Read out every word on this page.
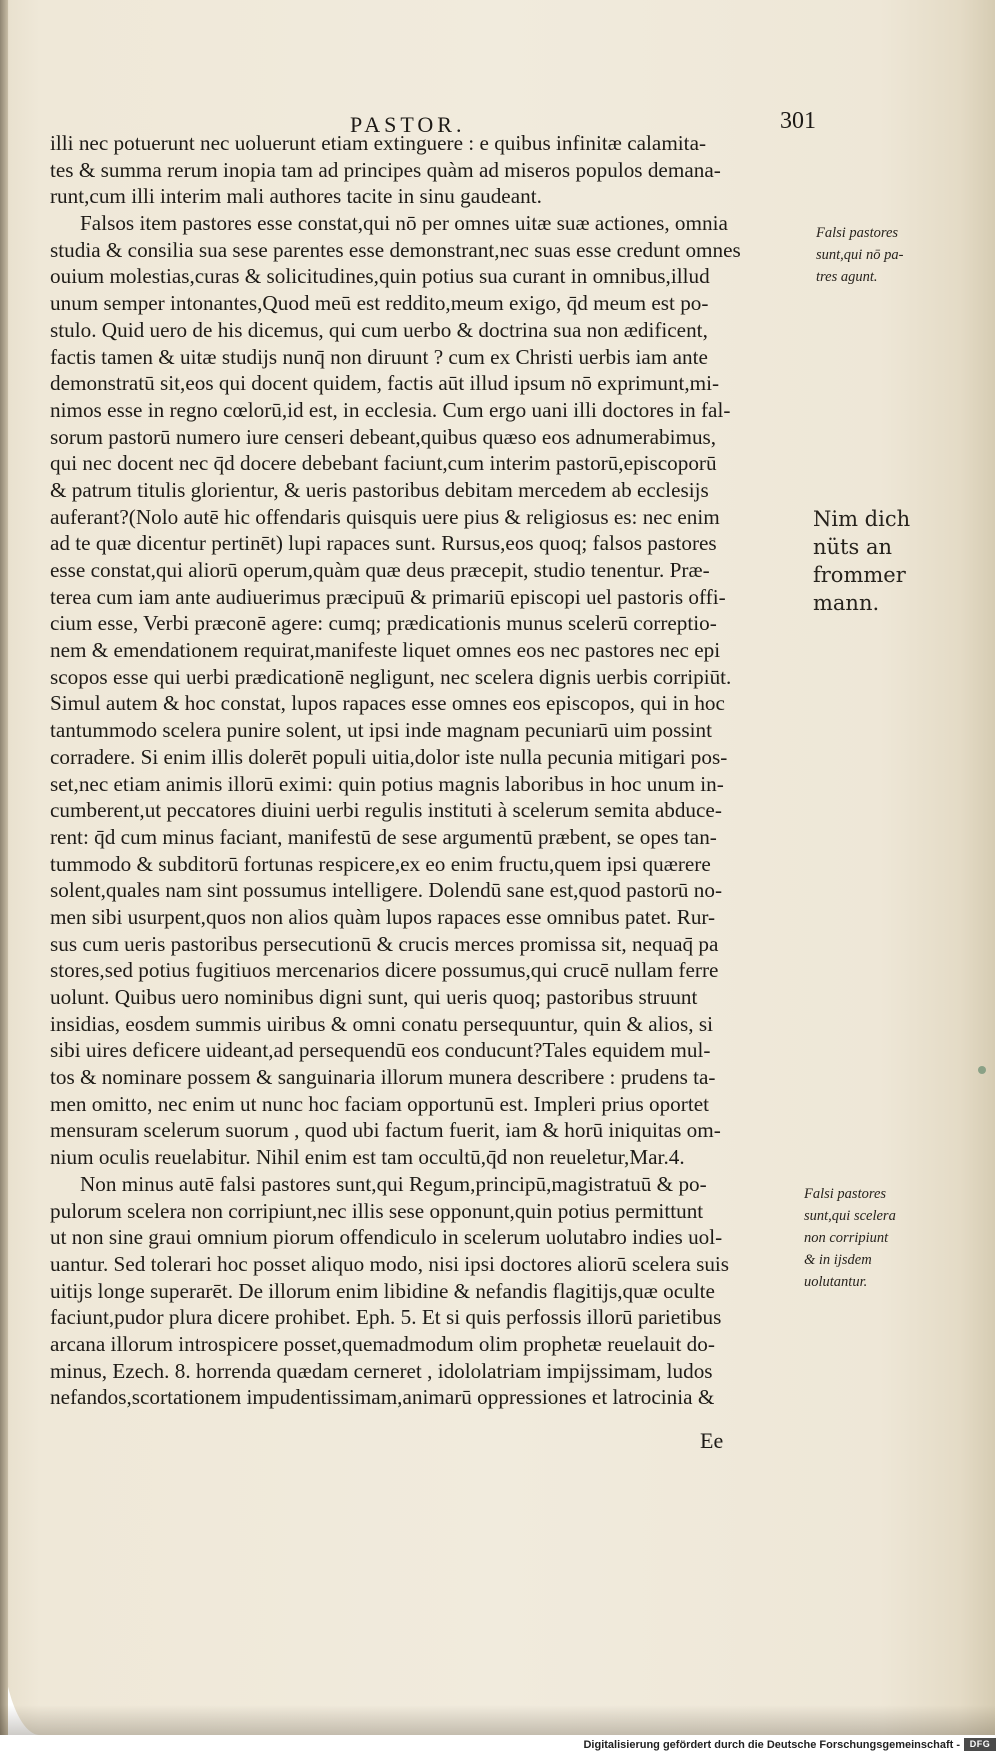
PASTOR.	301
illi nec potuerunt nec uoluerunt etiam extinguere : e quibus infinitæ calamita-
tes & summa rerum inopia tam ad principes quàm ad miseros populos demana-
runt,cum illi interim mali authores tacite in sinu gaudeant.
Falsos item pastores esse constat,qui nō per omnes uitæ suæ actiones, omnia
studia & consilia sua sese parentes esse demonstrant,nec suas esse credunt omnes
ouium molestias,curas & solicitudines,quin potius sua curant in omnibus,illud
unum semper intonantes,Quod meū est reddito,meum exigo, q̄d meum est po-
stulo. Quid uero de his dicemus, qui cum uerbo & doctrina sua non ædificent,
factis tamen & uitæ studijs nunq̄ non diruunt ? cum ex Christi uerbis iam ante
demonstratū sit,eos qui docent quidem, factis aūt illud ipsum nō exprimunt,mi-
nimos esse in regno cœlorū,id est, in ecclesia. Cum ergo uani illi doctores in fal-
sorum pastorū numero iure censeri debeant,quibus quæso eos adnumerabimus,
qui nec docent nec q̄d docere debebant faciunt,cum interim pastorū,episcoporū
& patrum titulis glorientur, & ueris pastoribus debitam mercedem ab ecclesijs
auferant?(Nolo autē hic offendaris quisquis uere pius & religiosus es: nec enim
ad te quæ dicentur pertinēt) lupi rapaces sunt. Rursus,eos quoq; falsos pastores
esse constat,qui aliorū operum,quàm quæ deus præcepit, studio tenentur. Præ-
terea cum iam ante audiuerimus præcipuū & primariū episcopi uel pastoris offi-
cium esse, Verbi præconē agere: cumq; prædicationis munus scelerū correptio-
nem & emendationem requirat,manifeste liquet omnes eos nec pastores nec epi
scopos esse qui uerbi prædicationē negligunt, nec scelera dignis uerbis corripiūt.
Simul autem & hoc constat, lupos rapaces esse omnes eos episcopos, qui in hoc
tantummodo scelera punire solent, ut ipsi inde magnam pecuniarū uim possint
corradere. Si enim illis dolerēt populi uitia,dolor iste nulla pecunia mitigari pos-
set,nec etiam animis illorū eximi: quin potius magnis laboribus in hoc unum in-
cumberent,ut peccatores diuini uerbi regulis instituti à scelerum semita abduce-
rent: q̄d cum minus faciant, manifestū de sese argumentū præbent, se opes tan-
tummodo & subditorū fortunas respicere,ex eo enim fructu,quem ipsi quærere
solent,quales nam sint possumus intelligere. Dolendū sane est,quod pastorū no-
men sibi usurpent,quos non alios quàm lupos rapaces esse omnibus patet. Rur-
sus cum ueris pastoribus persecutionū & crucis merces promissa sit, nequaq̄ pa
stores,sed potius fugitiuos mercenarios dicere possumus,qui crucē nullam ferre
uolunt. Quibus uero nominibus digni sunt, qui ueris quoq; pastoribus struunt
insidias, eosdem summis uiribus & omni conatu persequuntur, quin & alios, si
sibi uires deficere uideant,ad persequendū eos conducunt?Tales equidem mul-
tos & nominare possem & sanguinaria illorum munera describere : prudens ta-
men omitto, nec enim ut nunc hoc faciam opportunū est. Impleri prius oportet
mensuram scelerum suorum , quod ubi factum fuerit, iam & horū iniquitas om-
nium oculis reuelabitur. Nihil enim est tam occultū,q̄d non reueletur,Mar.4.
Non minus autē falsi pastores sunt,qui Regum,principū,magistratuū & po-
pulorum scelera non corripiunt,nec illis sese opponunt,quin potius permittunt
ut non sine graui omnium piorum offendiculo in scelerum uolutabro indies uol-
uantur. Sed tolerari hoc posset aliquo modo, nisi ipsi doctores aliorū scelera suis
uitijs longe superarēt. De illorum enim libidine & nefandis flagitijs,quæ oculte
faciunt,pudor plura dicere prohibet. Eph. 5. Et si quis perfossis illorū parietibus
arcana illorum introspicere posset,quemadmodum olim prophetæ reuelauit do-
minus, Ezech. 8. horrenda quædam cerneret , idololatriam impijssimam, ludos
nefandos,scortationem impudentissimam,animarū oppressiones et latrocinia &
Ee
Falsi pastores
sunt,qui nō pa-
tres agunt.
Nim dich
nüts an
frommer
mann.
Falsi pastores
sunt,qui scelera
non corripiunt
& in ijsdem
uolutantur.
Digitalisierung gefördert durch die Deutsche Forschungsgemeinschaft -	DFG
